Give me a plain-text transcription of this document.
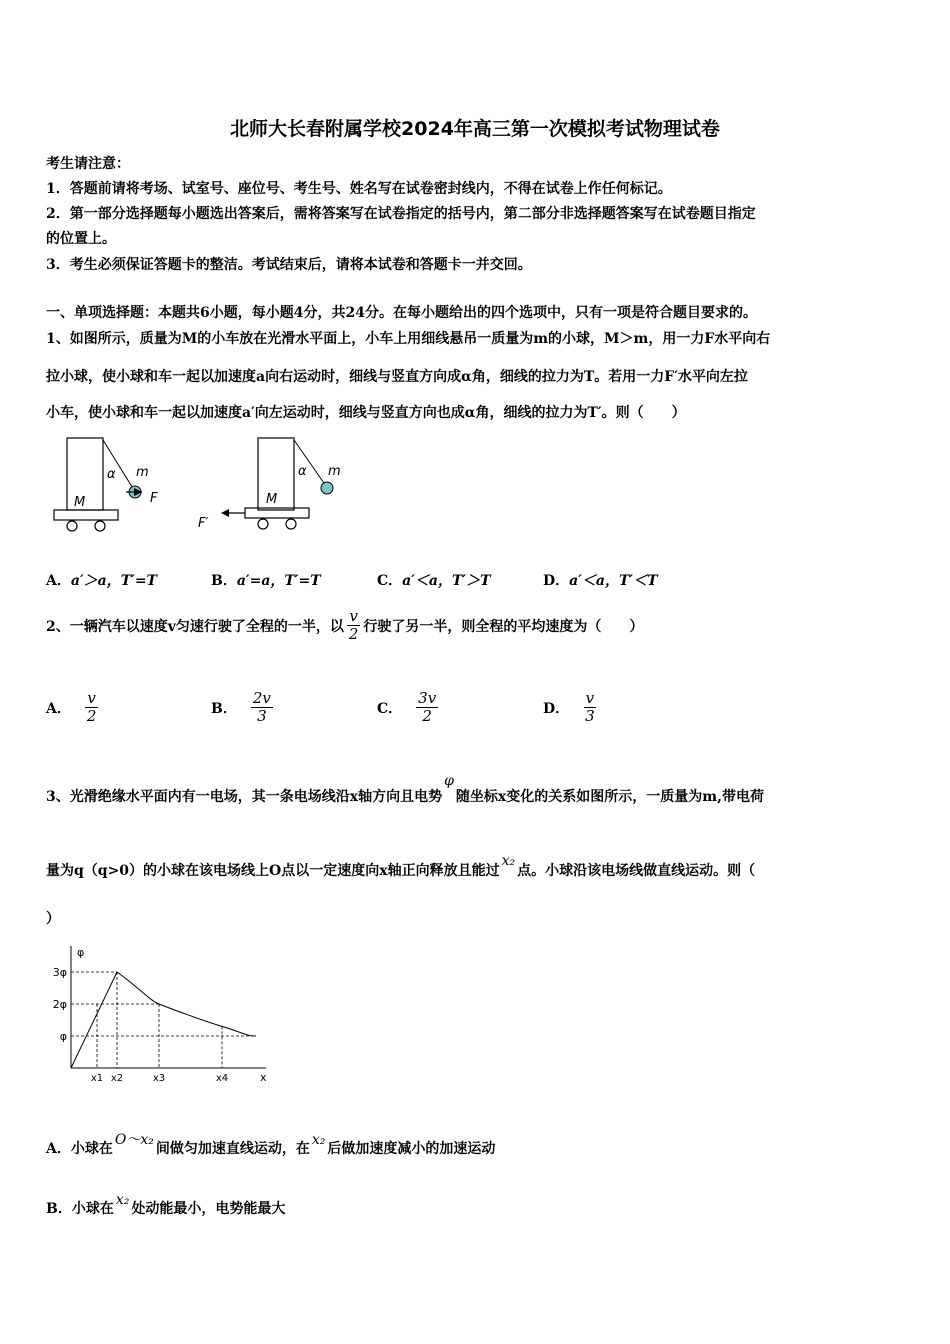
北师大长春附属学校2024年高三第一次模拟考试物理试卷
考生请注意：
1．答题前请将考场、试室号、座位号、考生号、姓名写在试卷密封线内，不得在试卷上作任何标记。
2．第一部分选择题每小题选出答案后，需将答案写在试卷指定的括号内，第二部分非选择题答案写在试卷题目指定
的位置上。
3．考生必须保证答题卡的整洁。考试结束后，请将本试卷和答题卡一并交回。
一、单项选择题：本题共6小题，每小题4分，共24分。在每小题给出的四个选项中，只有一项是符合题目要求的。
1、如图所示，质量为M的小车放在光滑水平面上，小车上用细线悬吊一质量为m的小球，M＞m，用一力F水平向右
拉小球，使小球和车一起以加速度a向右运动时，细线与竖直方向成α角，细线的拉力为T。若用一力F′水平向左拉
小车，使小球和车一起以加速度a′向左运动时，细线与竖直方向也成α角，细线的拉力为T′。则（　　）
α m
M	F
α m
M
F′
A．a′＞a，T′=T	B．a′=a，T′=T	C．a′＜a，T′＞T	D．a′＜a，T′＜T
2、一辆汽车以速度v匀速行驶了全程的一半，以 $\frac{v}{2}$ 行驶了另一半，则全程的平均速度为（　　）
A． $\frac{v}{2}$	B． $\frac{2v}{3}$	C． $\frac{3v}{2}$	D． $\frac{v}{3}$
3、光滑绝缘水平面内有一电场，其一条电场线沿x轴方向且电势φ随坐标x变化的关系如图所示，一质量为m,带电荷
量为q（q>0）的小球在该电场线上O点以一定速度向x轴正向释放且能过x₂点。小球沿该电场线做直线运动。则（
）
φ
x
3φ
2φ
φ
x1 x2	x3	x4
A．小球在O～x₂间做匀加速直线运动，在x₂后做加速度减小的加速运动
B．小球在x₂处动能最小，电势能最大
